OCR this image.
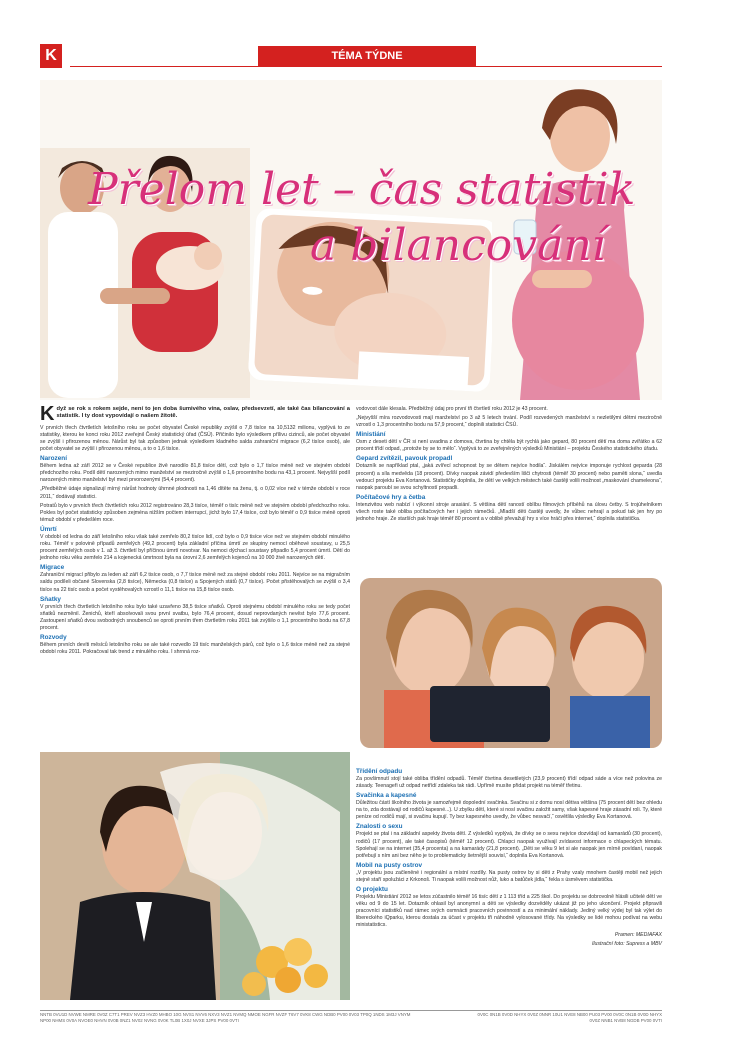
K	TÉMA TÝDNE
Přelom let – čas statistik
a bilancování

Když se rok s rokem sejde, není to jen doba šumivého vína, oslav, předsevzetí, ale také čas bilancování a statistik. I ty dost vypovídají o našem žitotě.

V prvních třech čtvrtletích letošního roku se počet obyvatel České republiky zvýšil o 7,8 tisíce na 10,5132 milionu, vyplývá to ze statistiky, kterou ke konci roku 2012 zveřejnil Český statistický úřad (ČSÚ). Přičinilo bylo výsledkem přílivu cizinců, ale počet obyvatel se zvýšil i přirozenou měnou. Nárůst byl tak způsoben jednak výsledkem kladného salda zahraniční migrace (6,2 tisíce osob), ale počet obyvatel se zvýšil i přirozenou měnou, a to o 1,6 tisíce.

Narození

Během ledna až září 2012 se v České republice živě narodilo 81,8 tisíce dětí, což bylo o 1,7 tisíce méně než ve stejném období předchozího roku. Podíl dětí narozených mimo manželství se meziročně zvýšil o 1,6 procentního bodu na 43,1 procent. Nejvyšší podíl narozených mimo manželství byl mezi prvorozenými (54,4 procent).

„Předběžné údaje signalizují mírný nárůst hodnoty úhrnné plodnosti na 1,46 dítěte na ženu, tj. o 0,02 více než v témže období v roce 2011,“ dodávají statistici.

Potratů bylo v prvních třech čtvrtletích roku 2012 registrováno 28,3 tisíce, téměř o tisíc méně než ve stejném období předchozího roku. Pokles byl počet statisticky způsoben zejména nižším počtem interrupcí, jichž bylo 17,4 tisíce, což bylo téměř o 0,9 tisíce méně oproti témuž období v předešlém roce.

Úmrtí

V období od ledna do září letošního roku však také zemřelo 80,2 tisíce lidí, což bylo o 0,9 tisíce více než ve stejném období minulého roku. Téměř v polovině případů zemřelých (49,2 procent) byla základní příčina úmrtí ze skupiny nemocí oběhové soustavy, u 25,5 procent zemřelých osob v 1. až 3. čtvrtletí byl příčinou úmrtí novotvar. Na nemoci dýchací soustavy připadlo 5,4 procent úmrtí. Dětí do jednoho roku věku zemřelo 214 a kojenecká úmrtnost byla na úrovni 2,6 zemřelých kojenců na 10 000 živě narozených dětí.

Migrace

Zahraniční migrací přibylo za leden až září 6,2 tisíce osob, o 7,7 tisíce méně než za stejné období roku 2011. Nejvíce se na migračním saldu podíleli občané Slovenska (2,8 tisíce), Německa (0,8 tisíce) a Spojených států (0,7 tisíce). Počet přistěhovalých se zvýšil o 3,4 tisíce na 22 tisíc osob a počet vystěhovalých vzrostl o 11,1 tisíce na 15,8 tisíce osob.

Sňatky

V prvních třech čtvrtletích letošního roku bylo také uzavřeno 38,5 tisíce sňatků. Oproti stejnému období minulého roku se tedy počet sňatků nezměnil. Ženichů, kteří absolvovali svou první svatbu, bylo 76,4 procent, dosud neprovdaných nevěst bylo 77,6 procent. Zastoupení sňatků dvou svobodných snoubenců se oproti prvním třem čtvrtletím roku 2011 tak zvýšilo o 1,1 procentního bodu na 67,8 procent.

Rozvody

Během prvních devíti měsíců letošního roku se ale také rozvedlo 19 tisíc manželských párů, což bylo o 1,6 tisíce méně než za stejné období roku 2011. Pokračoval tak trend z minulého roku. I shrnná roz-

vodovost dále klesala. Předběžný údaj pro první tři čtvrtletí roku 2012 je 43 procent.

„Nejvyšší míra rozvodovosti mají manželství po 3 až 5 letech trvání. Podíl rozvedených manželství s nezletilými dětmi meziročně vzrostl o 1,3 procentního bodu na 57,9 procent,“ doplnili statistici ČSÚ.

Ministiání

Osm z deseti dětí v ČR si není uvadina z domova, čtvrtina by chtěla být rychlá jako gepard, 80 procent dětí ma doma zvířátko a 62 procent třídí odpad, „protože by se to mělo“. Vyplývá to ze zveřejněných výsledků Ministiání – projektu Českého statistického úřadu.

Gepard zvítězil, pavouk propadl

Dotazník se například ptal, „jaká zvířecí schopnost by se dětem nejvíce hodila“. Jiskálém nejvíce imponuje rychlost geparda (28 procent) a síla medvěda (18 procent). Dívky naopak závidí především lišči chytrosti (téměř 30 procent) nebo paměti slona,“ uvedla vedoucí projektu Eva Kortanová. Statističky doplnila, že dětí ve velkých městech také častěji volili možnost „maskování chameleona“, naopak paroubí se svou schyltností propadli.

Počítačové hry a četba

Intenzivitou web nabízí i výkonní stroje arasiání. S většina dětí raností oblíbu filmových příběhů na úlovu četby. S trojúhelníkem všech roste také obliba počítačových her i jejich rámečků. „Mladší děti častěji uvedly, že vůbec nehrají a pokud tak jen hry po jednoho hraje. Ze starších pak hraje téměř 80 procent a v oblibě převažují hry s více hráči přes internet,“ doplnila statistička.

Třídění odpadu

Za povšimnutí stojí také obliba třídění odpadů. Téměř čtvrtina desetiletých (23,9 procent) třídí odpad sáde a více než polovina ze zásady. Teenageři už odpad netřídí zdaleka tak rádi. Upřímě musíte přidat projekt na téměř třetinu.

Svačinka a kapesné

Důležitou částí školního života je samozřejmě dopolední svačinka. Svačinu si z domu nosí dětiva většina (75 procent dětí bez ohledu na to, zda dostávají od rodičů kapesné...). U zbylku dětí, které si nosí svačinu založit samy, však kapesné hraje zásadní roli. Ty, které peníze od rodičů mají, si svačinu kupují. Ty bez kapesného uvedly, že vůbec nesvačí,“ osvětlila výsledky Eva Kortanová.

Znalosti o sexu

Projekt se ptal i na základní aspekty života dětí. Z výsledků vyplývá, že dívky se o sexu nejvíce dozvídají od kamarádů (30 procent), rodičů (17 procent), ale také časopisů (téměř 12 procent). Chlapci naopak využívají zvídavost informace o chlapeckých tématu. Spolehají se na internet (35,4 procenta) a na kamarády (21,8 procent). „Děti se věku 9 let si ale naopak jen mírně povídaní, naopak potřebují s ním ani bez něho je to problematicky šetrnější souvisí,“ doplnila Eva Kortanová.

Mobil na pusty ostrov

„V projektu jsou začleněné i regionální a místní rozdíly. Na pusty ostrov by si děti z Prahy vzaly mnohem častěji mobil než jejich stejně staří spolužáci z Krkonoš. Ti naopak volili možnost nůž, luko a batůček jídla,“ řekla s úsměvem statistička.

O projektu

Projektu Ministiání 2012 se letos zúčastnilo téměř 16 tisíc dětí z 1 113 tříd a 225 škol. Do projektu se dobrovolně hlásili učitelé dětí ve věku od 9 do 15 let. Dotazník ohlasil byl anonymní a děti se výsledky dozvěděly ukázat již po jeho ukončení. Projekt připravili pracovníci statistiků nad rámec svých osmnácti pracovních povinností a za minimální náklady. Jediný velký výdej byl tak výlet do libereckého iQparku, kterou dostala za účast v projektu tři náhodně vylosované třídy. Na výsledky se lidé mohou podívat na webu ministatistics.

Pramen: MEDIAFAX

Ilustrační foto: Supress a MBV

NNTB 0VU1D NVWE NMRE 0V0Z C7T1 PREV NVZ3 HVZ0 MHBO 10G NVS1 NVV6 NXV3 NVZ1 NVMQ NMOE NGFR NVZF T6V7 0VK8 CWG NDB0 PV00 0V03 TP0Q 1NDS 1M3J VNYM NP00 NHMS 0V0A NVOE0 NHVN 0V0B 0NZ1 NV02 NVNG 0V0K TL0B 1X0J NVXE 3JPS PV00 0VTI
0V0C 0N1B 0V0D NHYX 0V0Z 0NNR 10U1 NVE8 NB00 PU03 PV00 0V0C 0N1B 0V0D NHYX 0V0Z NNB1 NVB8 NGDB PV00 0VTI
